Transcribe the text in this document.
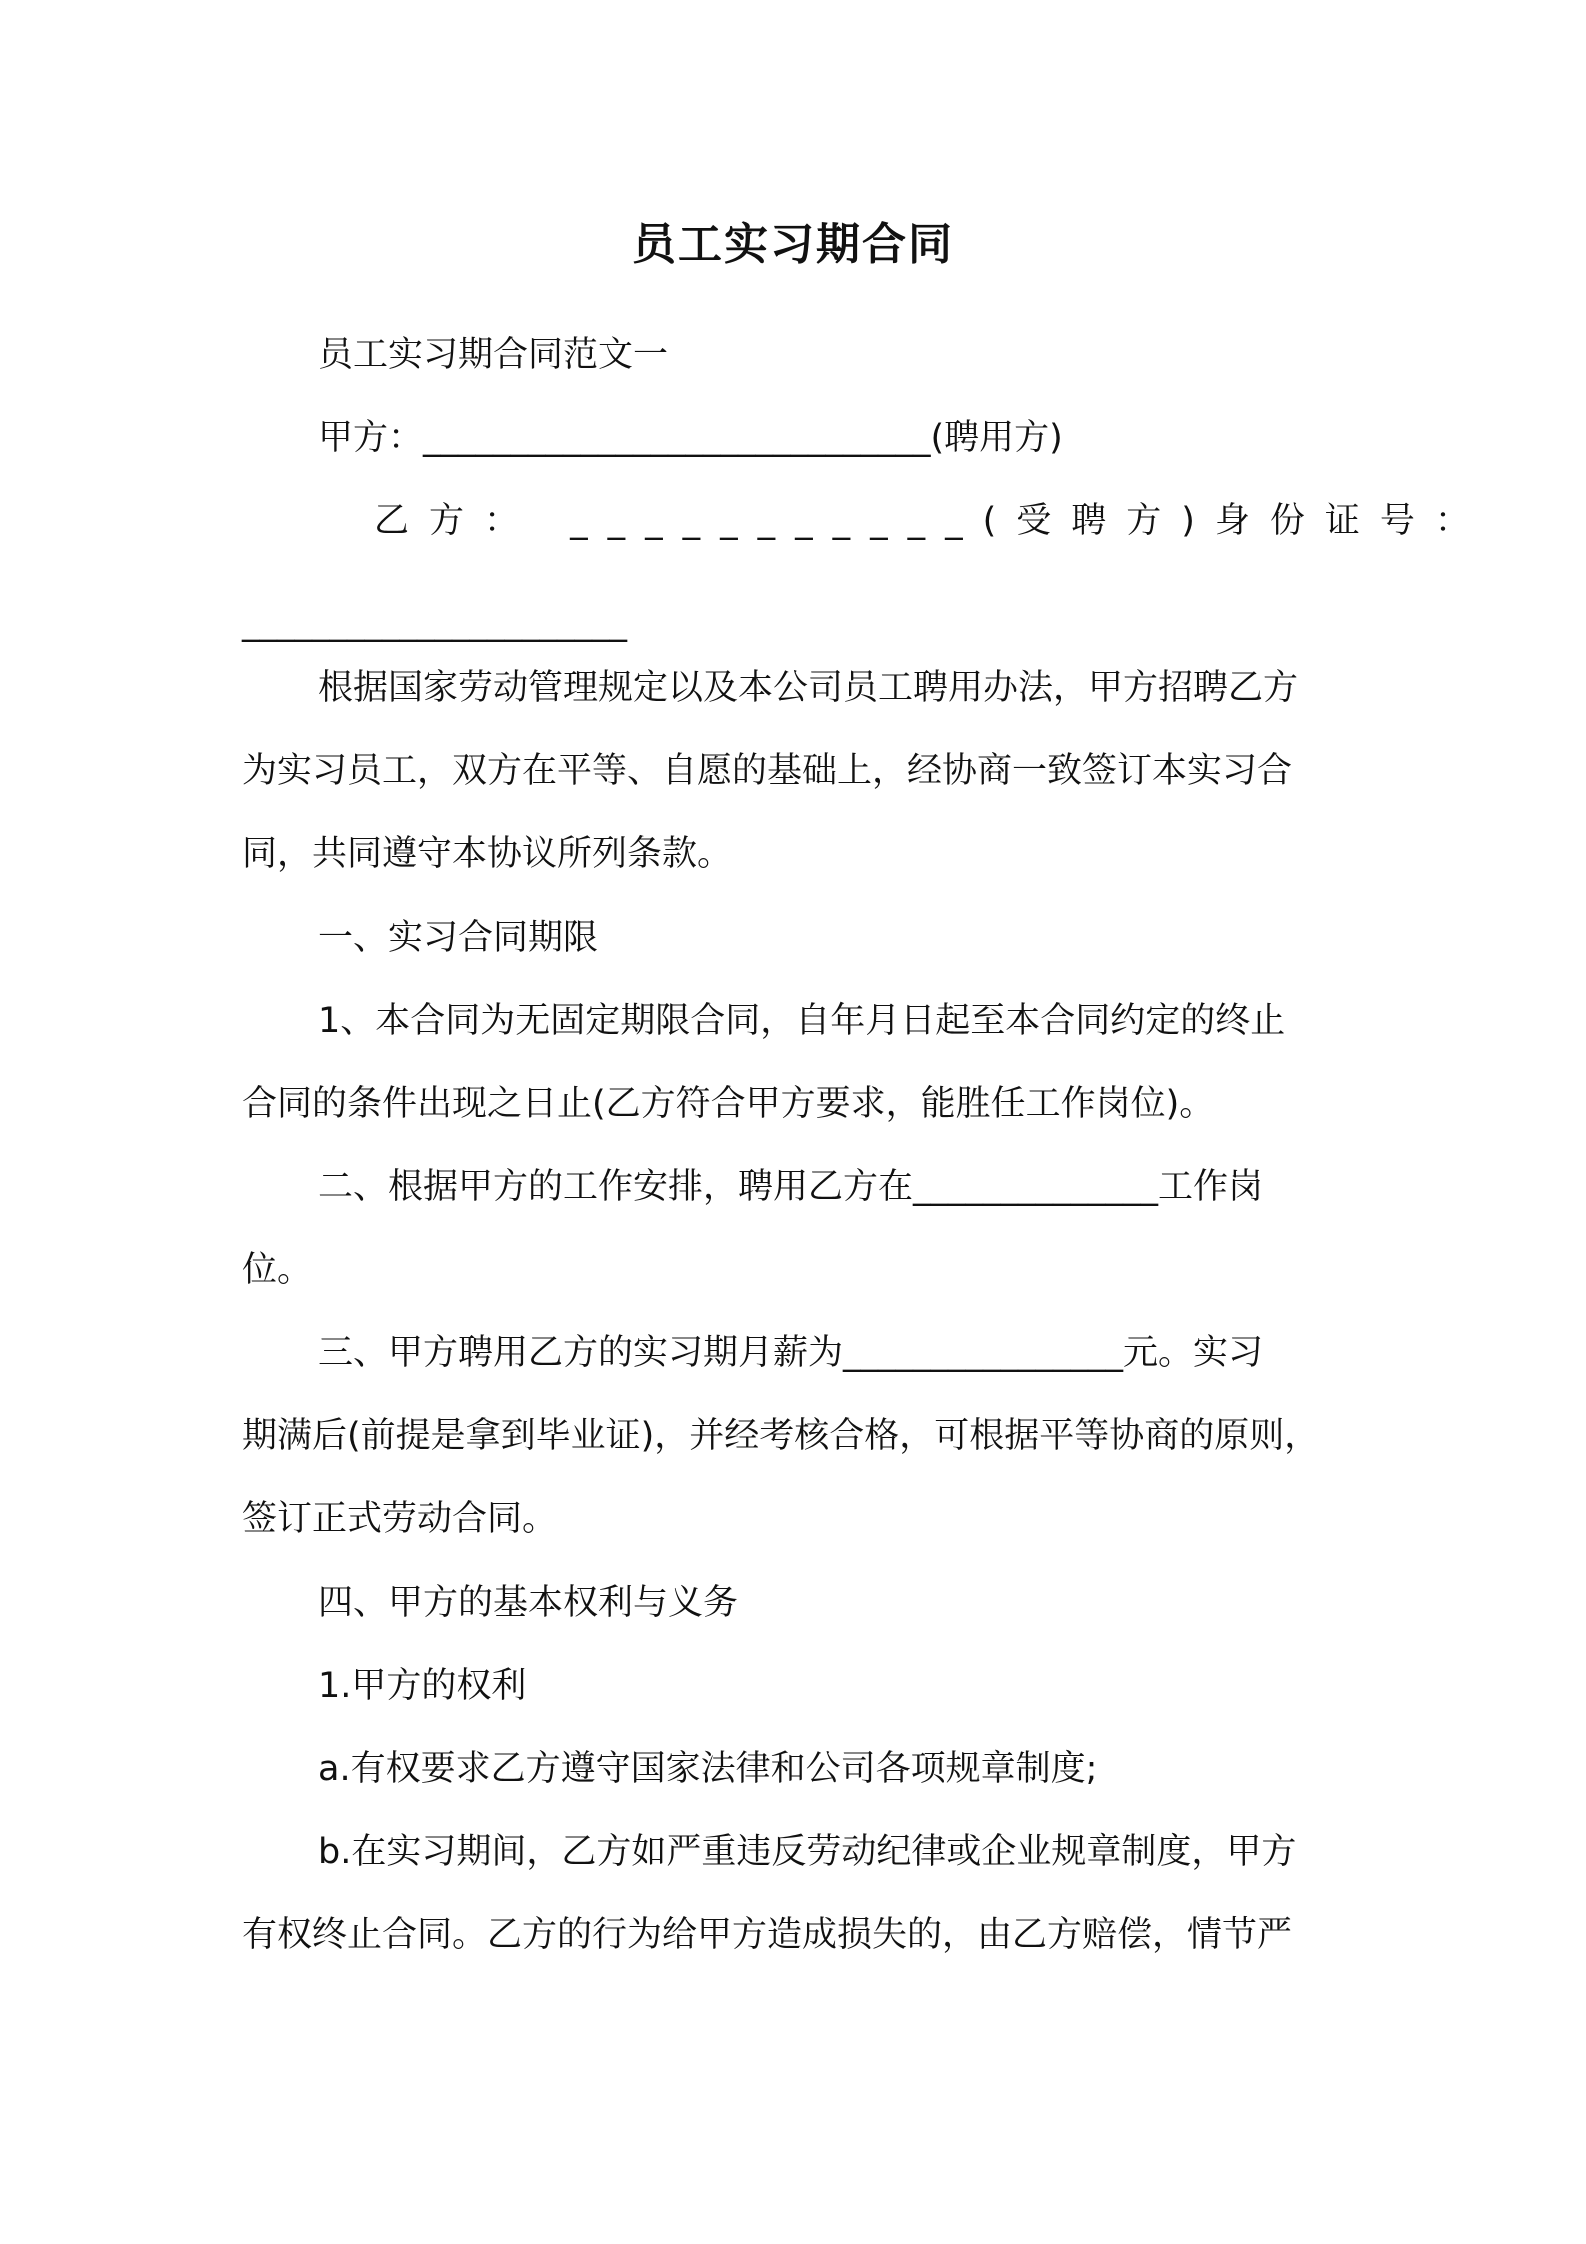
员工实习期合同
员工实习期合同范文一
甲方：_____________________________(聘用方)
乙方： ___________(受聘方)身份证号：
______________________
根据国家劳动管理规定以及本公司员工聘用办法，甲方招聘乙方
为实习员工，双方在平等、自愿的基础上，经协商一致签订本实习合
同，共同遵守本协议所列条款。
一、实习合同期限
1、本合同为无固定期限合同，自年月日起至本合同约定的终止
合同的条件出现之日止(乙方符合甲方要求，能胜任工作岗位)。
二、根据甲方的工作安排，聘用乙方在______________工作岗
位。
三、甲方聘用乙方的实习期月薪为________________元。实习
期满后(前提是拿到毕业证)，并经考核合格，可根据平等协商的原则，
签订正式劳动合同。
四、甲方的基本权利与义务
1.甲方的权利
a.有权要求乙方遵守国家法律和公司各项规章制度;
b.在实习期间，乙方如严重违反劳动纪律或企业规章制度，甲方
有权终止合同。乙方的行为给甲方造成损失的，由乙方赔偿，情节严
